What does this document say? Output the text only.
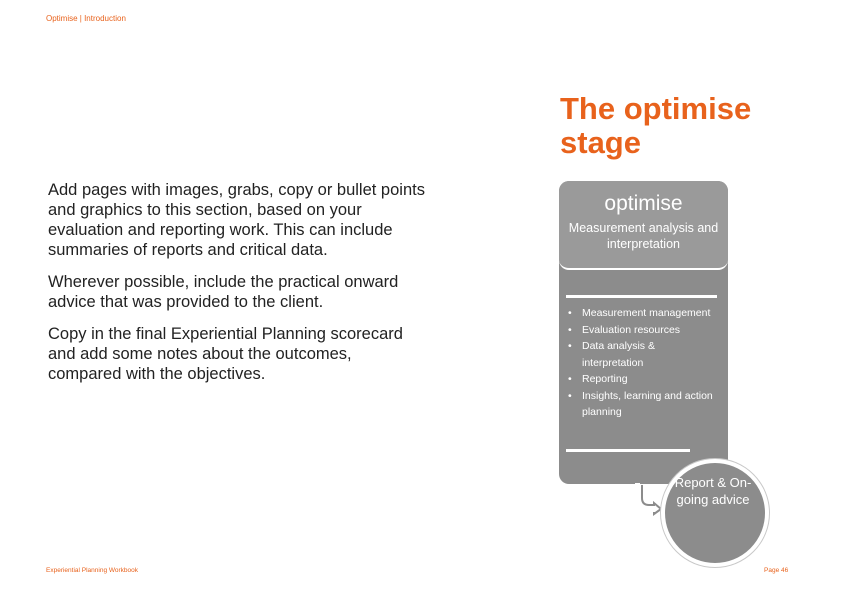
Optimise | Introduction
The optimise stage

Add pages with images, grabs, copy or bullet points and graphics to this section, based on your evaluation and reporting work. This can include summaries of reports and critical data.

Wherever possible, include the practical onward advice that was provided to the client.

Copy in the final Experiential Planning scorecard and add some notes about the outcomes, compared with the objectives.

optimise
Measurement analysis and interpretation
• Measurement management
• Evaluation resources
• Data analysis & interpretation
• Reporting
• Insights, learning and action planning
Report & On-going advice
Experiential Planning Workbook	Page 46
